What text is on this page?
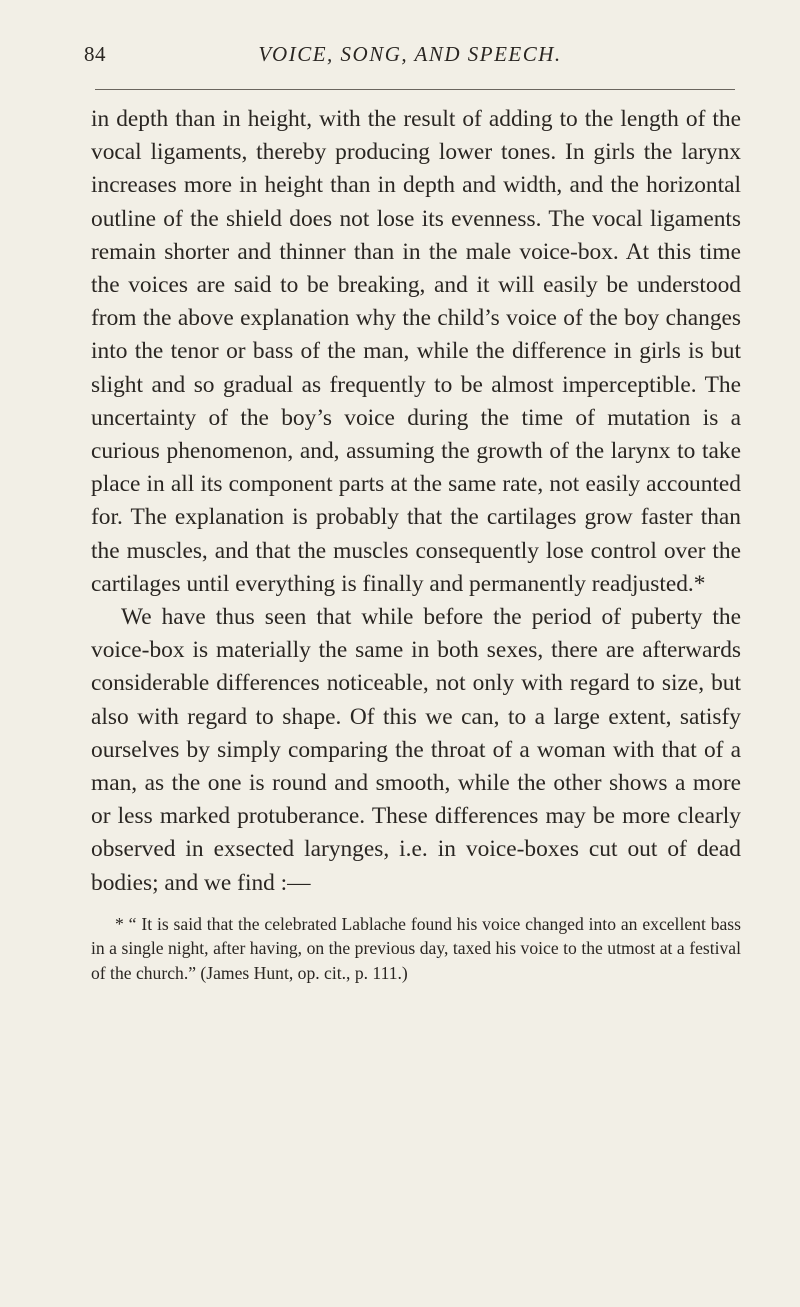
84	VOICE, SONG, AND SPEECH.

in depth than in height, with the result of adding to the length of the vocal ligaments, thereby producing lower tones. In girls the larynx increases more in height than in depth and width, and the horizontal outline of the shield does not lose its evenness. The vocal ligaments remain shorter and thinner than in the male voice-box. At this time the voices are said to be breaking, and it will easily be understood from the above explanation why the child’s voice of the boy changes into the tenor or bass of the man, while the difference in girls is but slight and so gradual as frequently to be almost imperceptible. The uncertainty of the boy’s voice during the time of mutation is a curious phenomenon, and, assuming the growth of the larynx to take place in all its component parts at the same rate, not easily accounted for. The explanation is probably that the cartilages grow faster than the muscles, and that the muscles consequently lose control over the cartilages until everything is finally and permanently readjusted.*

We have thus seen that while before the period of puberty the voice-box is materially the same in both sexes, there are afterwards considerable differences noticeable, not only with regard to size, but also with regard to shape. Of this we can, to a large extent, satisfy ourselves by simply comparing the throat of a woman with that of a man, as the one is round and smooth, while the other shows a more or less marked protuberance. These differences may be more clearly observed in exsected larynges, i.e. in voice-boxes cut out of dead bodies; and we find :—

* “ It is said that the celebrated Lablache found his voice changed into an excellent bass in a single night, after having, on the previous day, taxed his voice to the utmost at a festival of the church.” (James Hunt, op. cit., p. 111.)
